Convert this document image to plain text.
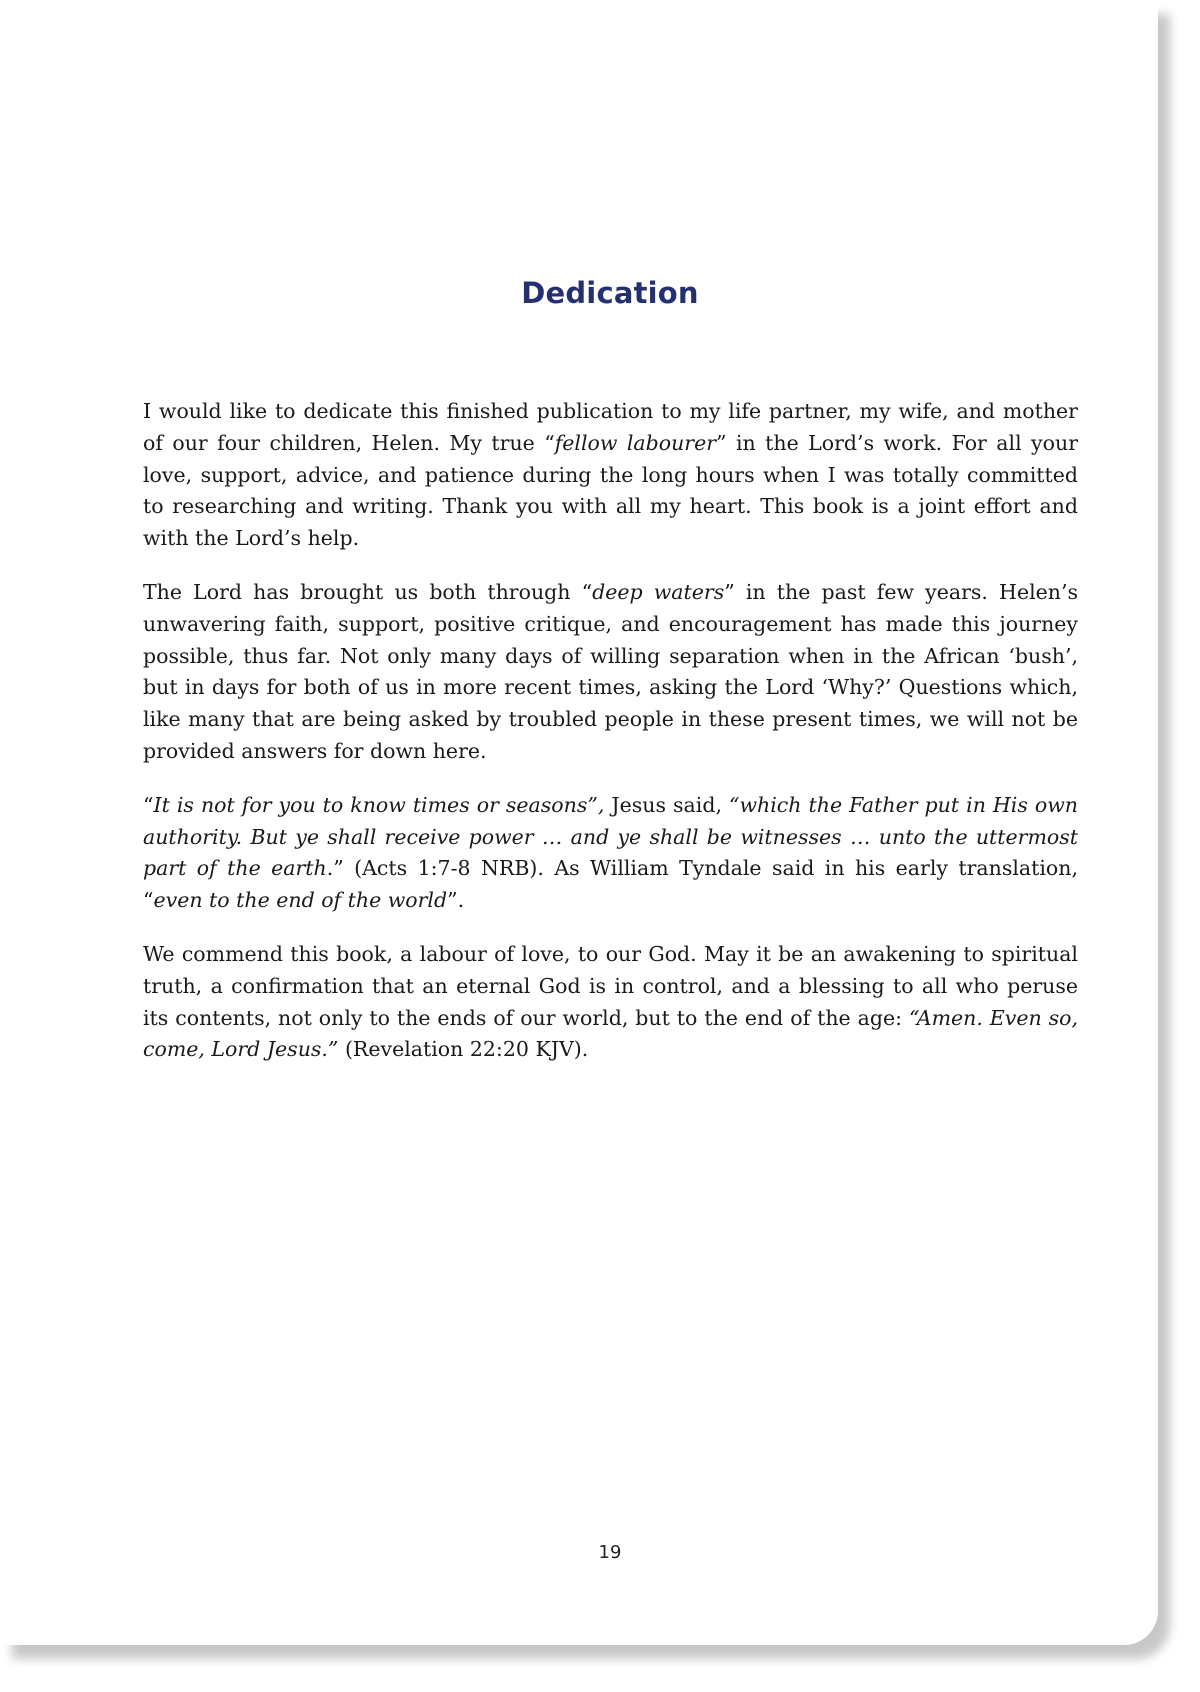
Dedication

I would like to dedicate this finished publication to my life partner, my wife, and mother of our four children, Helen. My true “fellow labourer” in the Lord’s work. For all your love, support, advice, and patience during the long hours when I was totally committed to researching and writing. Thank you with all my heart. This book is a joint effort and with the Lord’s help.

The Lord has brought us both through “deep waters” in the past few years. Helen’s unwavering faith, support, positive critique, and encouragement has made this journey possible, thus far. Not only many days of willing separation when in the African ‘bush’, but in days for both of us in more recent times, asking the Lord ‘Why?’ Questions which, like many that are being asked by troubled people in these present times, we will not be provided answers for down here.

“It is not for you to know times or seasons”, Jesus said, “which the Father put in His own authority. But ye shall receive power … and ye shall be witnesses … unto the uttermost part of the earth.” (Acts 1:7-8 NRB). As William Tyndale said in his early translation, “even to the end of the world”.

We commend this book, a labour of love, to our God. May it be an awakening to spiritual truth, a confirmation that an eternal God is in control, and a blessing to all who peruse its contents, not only to the ends of our world, but to the end of the age: “Amen. Even so, come, Lord Jesus.” (Revelation 22:20 KJV).

19
